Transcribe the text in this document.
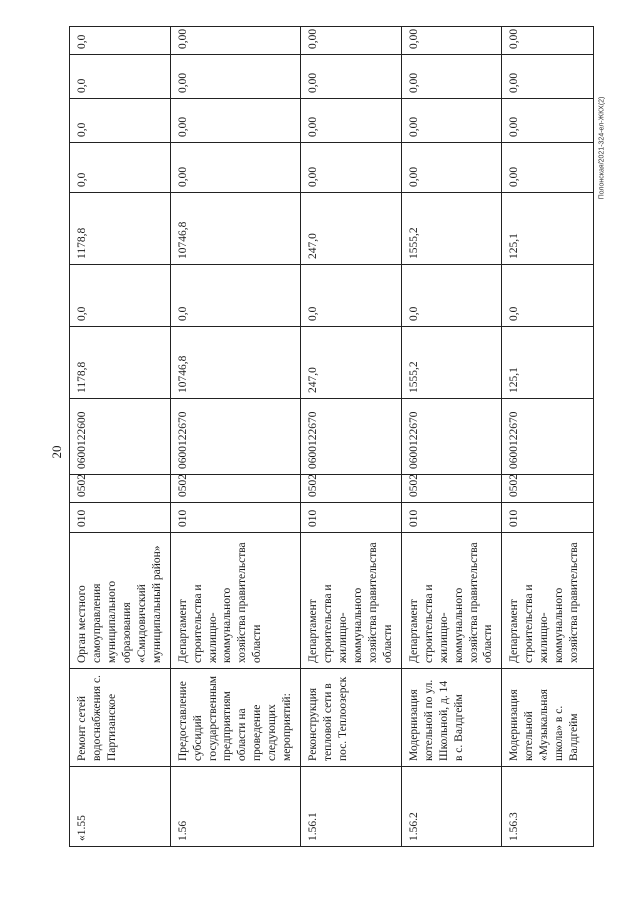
20
Полонская/2021-324-ел-ЖКХ(2)
«1.55	Ремонт сетей водоснабжения с. Партизанское	Орган местного самоуправления муниципального образования «Смидовичский муниципальный район»	010	0502	0600122600	1178,8	0,0	1178,8	0,0	0,0	0,0	0,0
1.56	Предоставление субсидий государственным предприятиям области на проведение следующих мероприятий:	Департамент строительства и жилищно-коммунального хозяйства правительства области	010	0502	0600122670	10746,8	0,0	10746,8	0,00	0,00	0,00	0,00
1.56.1	Реконструкция тепловой сети в пос. Теплоозерск	Департамент строительства и жилищно-коммунального хозяйства правительства области	010	0502	0600122670	247,0	0,0	247,0	0,00	0,00	0,00	0,00
1.56.2	Модернизация котельной по ул. Школьной, д. 14 в с. Валдгейм	Департамент строительства и жилищно-коммунального хозяйства правительства области	010	0502	0600122670	1555,2	0,0	1555,2	0,00	0,00	0,00	0,00
1.56.3	Модернизация котельной «Музыкальная школа» в с. Валдгейм	Департамент строительства и жилищно-коммунального хозяйства правительства	010	0502	0600122670	125,1	0,0	125,1	0,00	0,00	0,00	0,00
